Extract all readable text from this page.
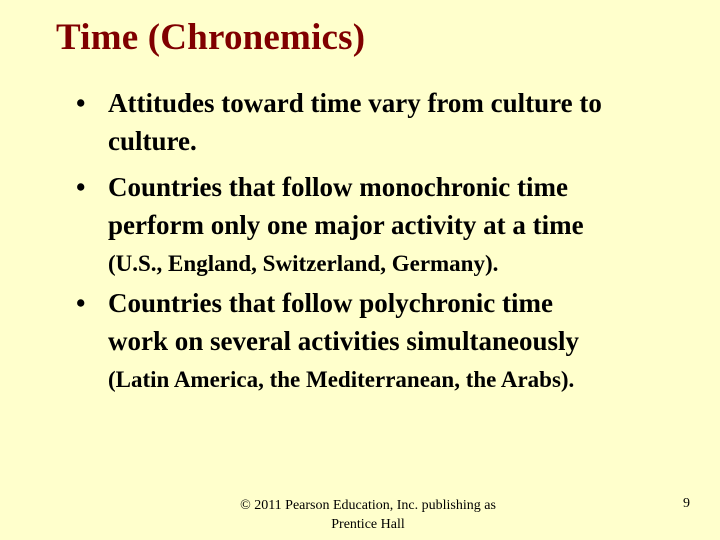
Time (Chronemics)
• Attitudes toward time vary from culture to
culture.
• Countries that follow monochronic time
perform only one major activity at a time
(U.S., England, Switzerland, Germany).
• Countries that follow polychronic time
work on several activities simultaneously
(Latin America, the Mediterranean, the Arabs).
© 2011 Pearson Education, Inc. publishing as
Prentice Hall
9
